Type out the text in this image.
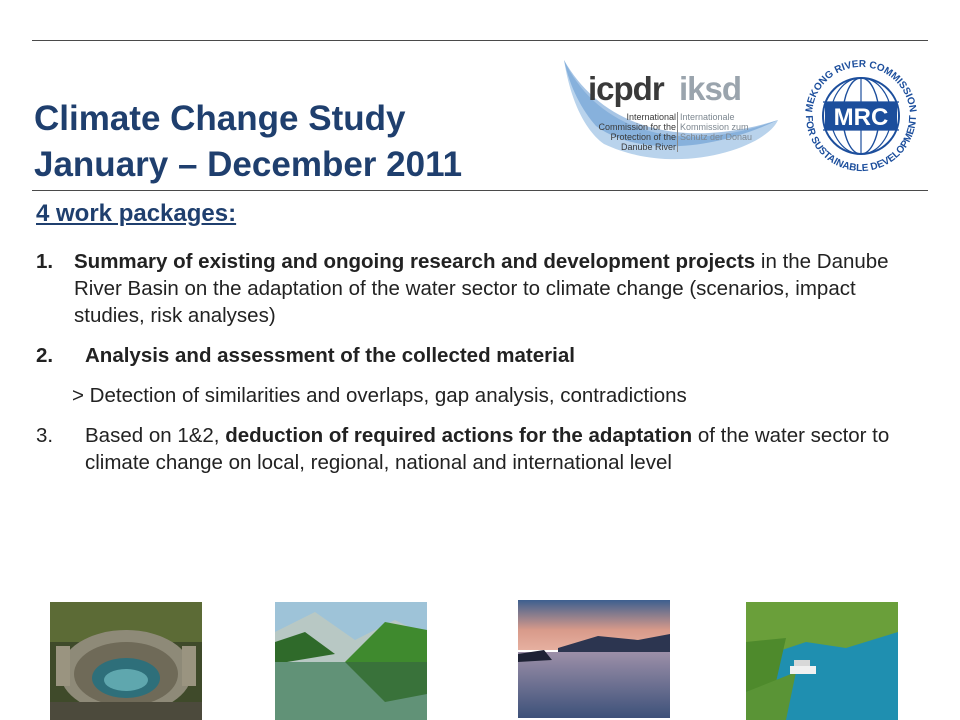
Climate Change Study
January – December 2011
icpdr iksd
International Commission for the Protection of the Danube River
Internationale Kommission zum Schutz der Donau
MRC
MEKONG RIVER COMMISSION
FOR SUSTAINABLE DEVELOPMENT
4 work packages:
1.	Summary of existing and ongoing research and development projects in the Danube River Basin on the adaptation of the water sector to climate change (scenarios, impact studies, risk analyses)
2.	Analysis and assessment of the collected material
> Detection of similarities and overlaps, gap analysis, contradictions
3.	Based on 1&2, deduction of required actions for the adaptation of the water sector to climate change on local, regional, national and international level
